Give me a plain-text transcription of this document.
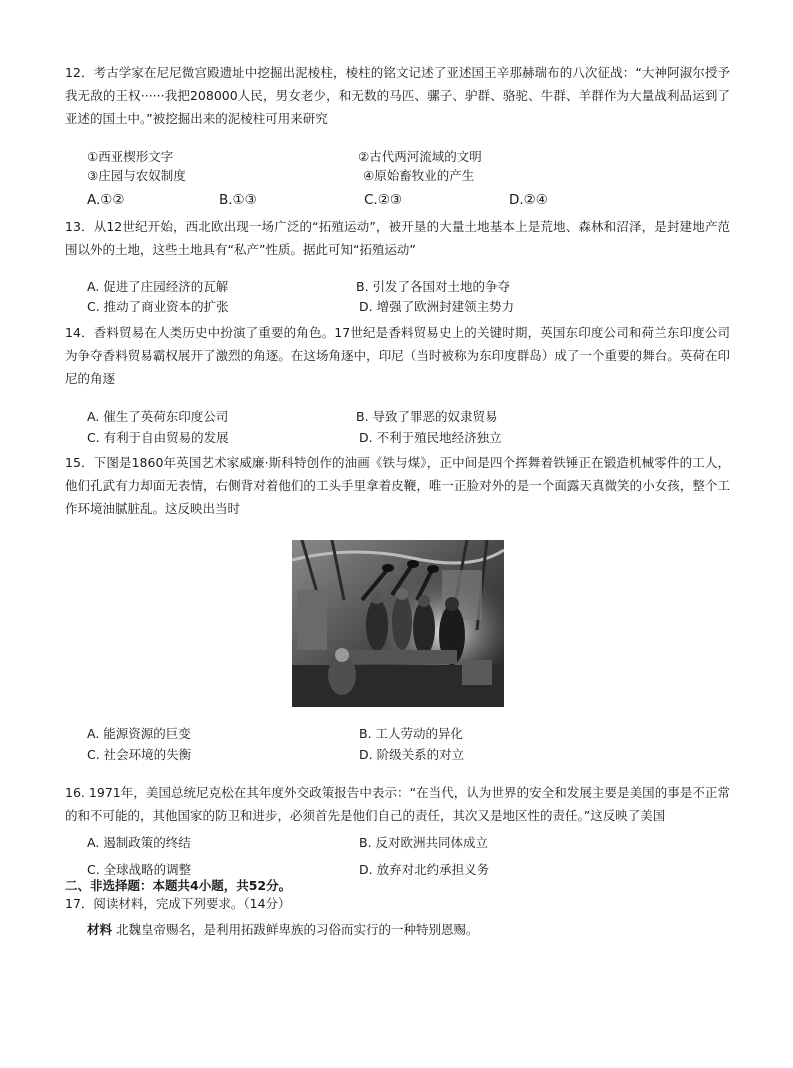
12．考古学家在尼尼微宫殿遗址中挖掘出泥棱柱，棱柱的铭文记述了亚述国王辛那赫瑞布的八次征战：“大神阿淑尔授予我无敌的王权······我把208000人民，男女老少，和无数的马匹、骡子、驴群、骆驼、牛群、羊群作为大量战利品运到了亚述的国土中。”被挖掘出来的泥棱柱可用来研究
①西亚楔形文字	②古代两河流域的文明
③庄园与农奴制度	④原始畜牧业的产生
A.①②	B.①③	C.②③	D.②④
13．从12世纪开始，西北欧出现一场广泛的“拓殖运动”，被开垦的大量土地基本上是荒地、森林和沼泽，是封建地产范围以外的土地，这些土地具有“私产”性质。据此可知“拓殖运动”
A. 促进了庄园经济的瓦解	B. 引发了各国对土地的争夺
C. 推动了商业资本的扩张	D. 增强了欧洲封建领主势力
14．香料贸易在人类历史中扮演了重要的角色。17世纪是香料贸易史上的关键时期，英国东印度公司和荷兰东印度公司为争夺香料贸易霸权展开了激烈的角逐。在这场角逐中，印尼（当时被称为东印度群岛）成了一个重要的舞台。英荷在印尼的角逐
A. 催生了英荷东印度公司	B. 导致了罪恶的奴隶贸易
C. 有利于自由贸易的发展	D. 不利于殖民地经济独立
15．下图是1860年英国艺术家威廉·斯科特创作的油画《铁与煤》，正中间是四个挥舞着铁锤正在锻造机械零件的工人，他们孔武有力却面无表情，右侧背对着他们的工头手里拿着皮鞭，唯一正脸对外的是一个面露天真微笑的小女孩，整个工作环境油腻脏乱。这反映出当时
A. 能源资源的巨变	B. 工人劳动的异化
C. 社会环境的失衡	D. 阶级关系的对立
16. 1971年，美国总统尼克松在其年度外交政策报告中表示：“在当代，认为世界的安全和发展主要是美国的事是不正常的和不可能的，其他国家的防卫和进步，必须首先是他们自己的责任，其次又是地区性的责任。”这反映了美国
A. 遏制政策的终结	B. 反对欧洲共同体成立
C. 全球战略的调整	D. 放弃对北约承担义务
二、非选择题：本题共4小题，共52分。
17．阅读材料，完成下列要求。（14分）
材料 北魏皇帝赐名，是利用拓跋鲜卑族的习俗而实行的一种特别恩赐。
